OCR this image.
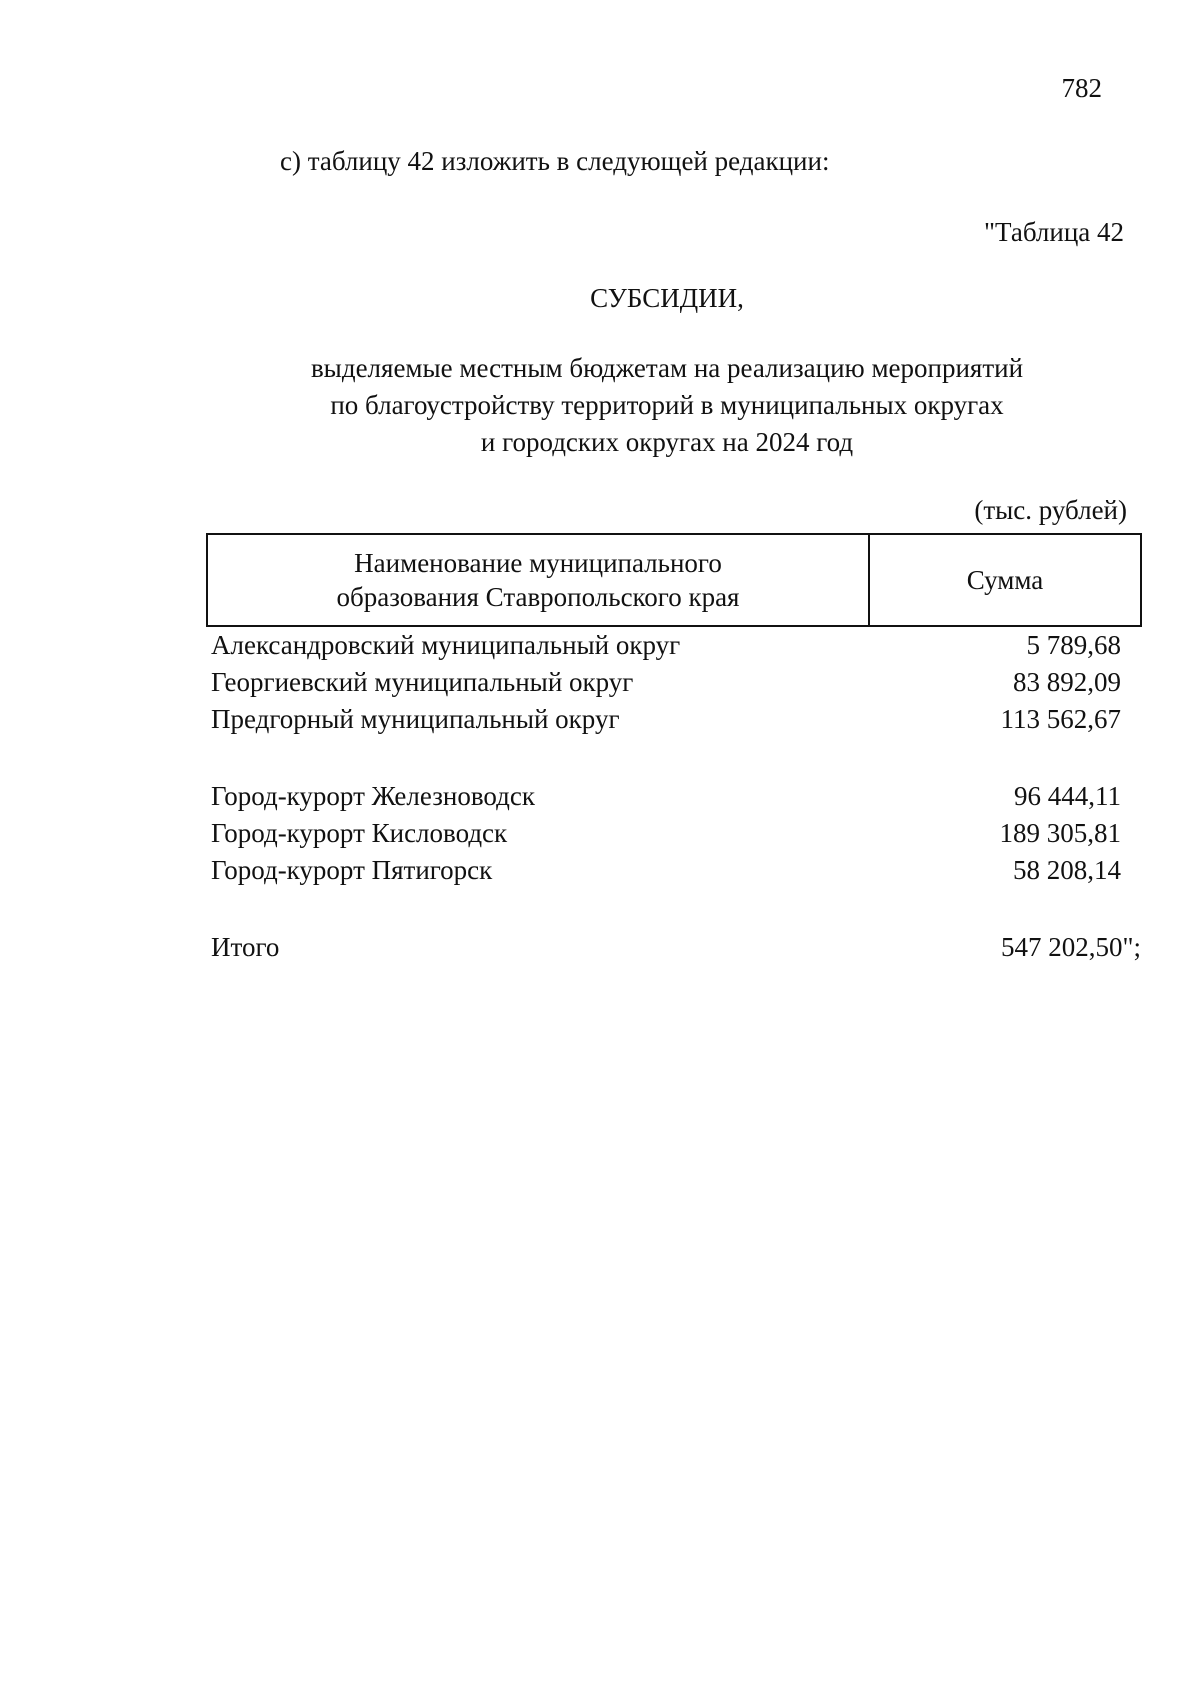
782
с) таблицу 42 изложить в следующей редакции:
"Таблица 42
СУБСИДИИ,
выделяемые местным бюджетам на реализацию мероприятий
по благоустройству территорий в муниципальных округах
и городских округах на 2024 год
(тыс. рублей)
Наименование муниципального
образования Ставропольского края	Сумма
Александровский муниципальный округ	5 789,68
Георгиевский муниципальный округ	83 892,09
Предгорный муниципальный округ	113 562,67

Город-курорт Железноводск	96 444,11
Город-курорт Кисловодск	189 305,81
Город-курорт Пятигорск	58 208,14

Итого	547 202,50";
